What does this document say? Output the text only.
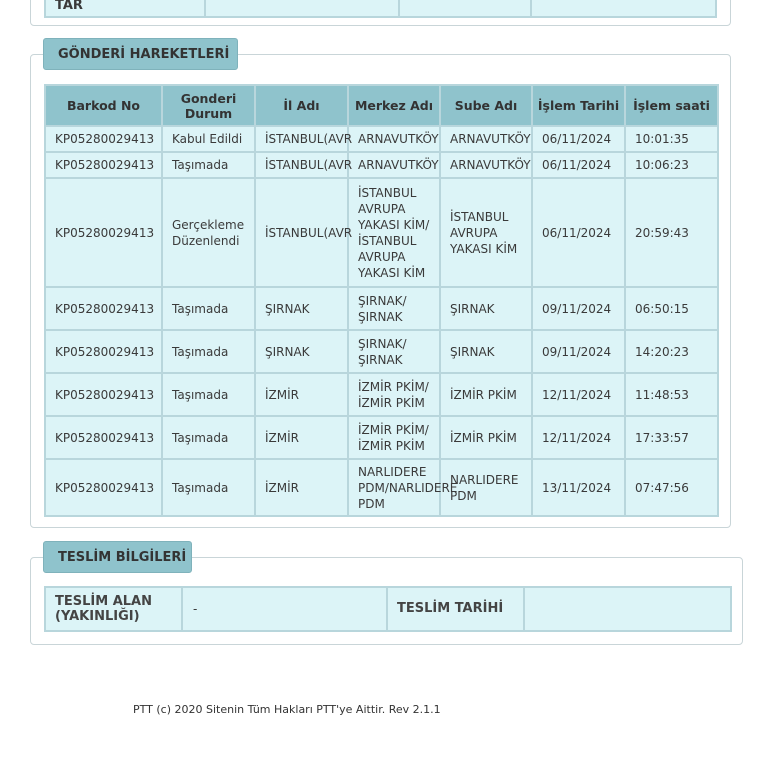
TAR			
GÖNDERİ HAREKETLERİ
Barkod No	Gonderi Durum	İl Adı	Merkez Adı	Sube Adı	İşlem Tarihi	İşlem saati
KP05280029413	Kabul Edildi	İSTANBUL(AVR	ARNAVUTKÖY	ARNAVUTKÖY	06/11/2024	10:01:35
KP05280029413	Taşımada	İSTANBUL(AVR	ARNAVUTKÖY	ARNAVUTKÖY	06/11/2024	10:06:23
KP05280029413	Gerçekleme Düzenlendi	İSTANBUL(AVR	İSTANBUL AVRUPA YAKASI KİM/ İSTANBUL AVRUPA YAKASI KİM	İSTANBUL AVRUPA YAKASI KİM	06/11/2024	20:59:43
KP05280029413	Taşımada	ŞIRNAK	ŞIRNAK/ ŞIRNAK	ŞIRNAK	09/11/2024	06:50:15
KP05280029413	Taşımada	ŞIRNAK	ŞIRNAK/ ŞIRNAK	ŞIRNAK	09/11/2024	14:20:23
KP05280029413	Taşımada	İZMİR	İZMİR PKİM/ İZMİR PKİM	İZMİR PKİM	12/11/2024	11:48:53
KP05280029413	Taşımada	İZMİR	İZMİR PKİM/ İZMİR PKİM	İZMİR PKİM	12/11/2024	17:33:57
KP05280029413	Taşımada	İZMİR	NARLIDERE PDM/NARLIDERE PDM	NARLIDERE PDM	13/11/2024	07:47:56
TESLİM BİLGİLERİ
TESLİM ALAN (YAKINLIĞI)	-	TESLİM TARİHİ	
PTT (c) 2020 Sitenin Tüm Hakları PTT'ye Aittir. Rev 2.1.1
